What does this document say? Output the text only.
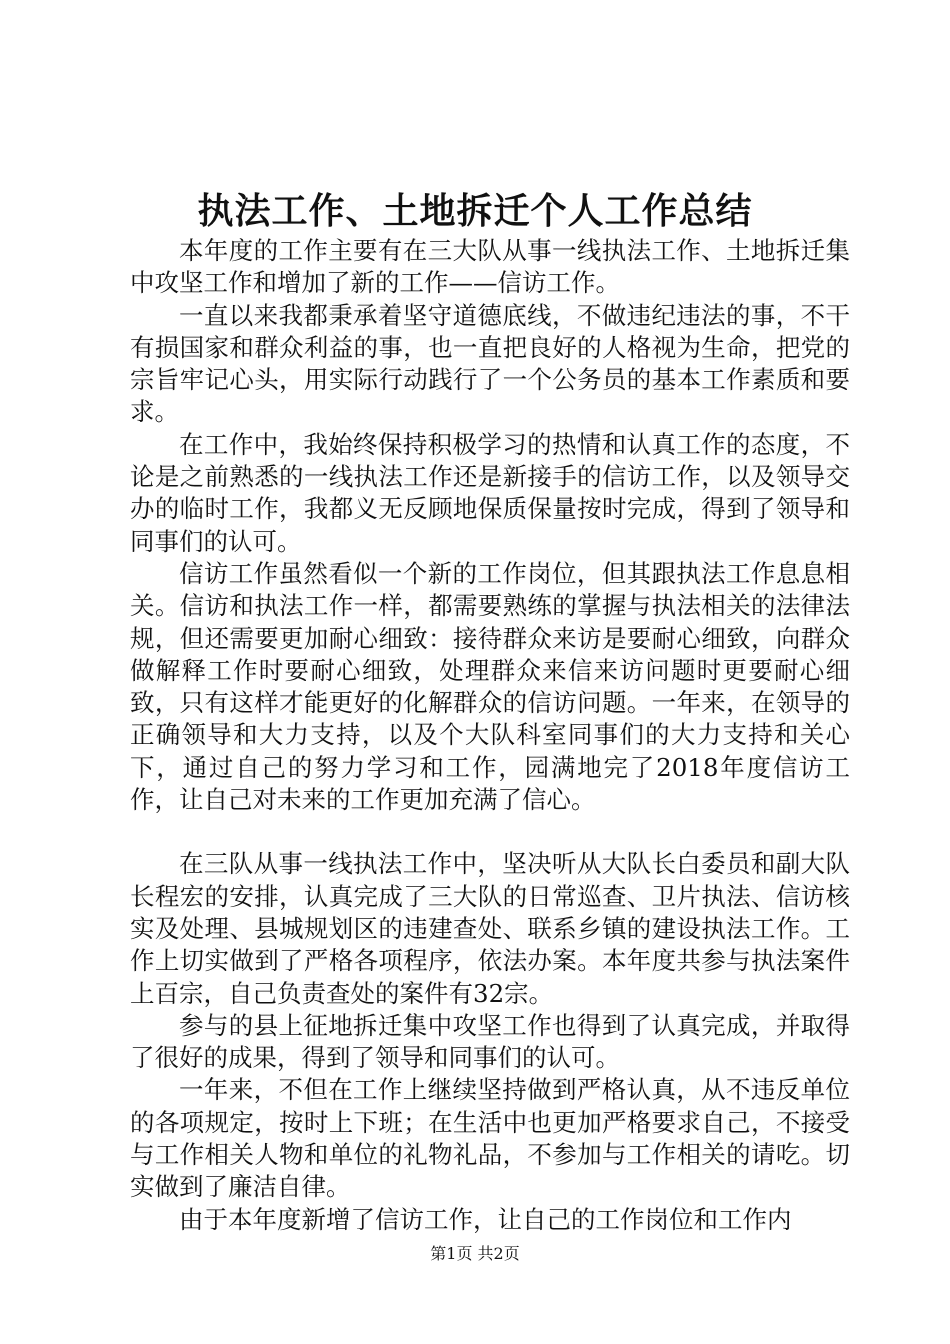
执法工作、土地拆迁个人工作总结

本年度的工作主要有在三大队从事一线执法工作、土地拆迁集中攻坚工作和增加了新的工作——信访工作。

一直以来我都秉承着坚守道德底线，不做违纪违法的事，不干有损国家和群众利益的事，也一直把良好的人格视为生命，把党的宗旨牢记心头，用实际行动践行了一个公务员的基本工作素质和要求。

在工作中，我始终保持积极学习的热情和认真工作的态度，不论是之前熟悉的一线执法工作还是新接手的信访工作，以及领导交办的临时工作，我都义无反顾地保质保量按时完成，得到了领导和同事们的认可。

信访工作虽然看似一个新的工作岗位，但其跟执法工作息息相关。信访和执法工作一样，都需要熟练的掌握与执法相关的法律法规，但还需要更加耐心细致：接待群众来访是要耐心细致，向群众做解释工作时要耐心细致，处理群众来信来访问题时更要耐心细致，只有这样才能更好的化解群众的信访问题。一年来，在领导的正确领导和大力支持，以及个大队科室同事们的大力支持和关心下，通过自己的努力学习和工作，园满地完了2018年度信访工作，让自己对未来的工作更加充满了信心。

在三队从事一线执法工作中，坚决听从大队长白委员和副大队长程宏的安排，认真完成了三大队的日常巡查、卫片执法、信访核实及处理、县城规划区的违建查处、联系乡镇的建设执法工作。工作上切实做到了严格各项程序，依法办案。本年度共参与执法案件上百宗，自己负责查处的案件有32宗。

参与的县上征地拆迁集中攻坚工作也得到了认真完成，并取得了很好的成果，得到了领导和同事们的认可。

一年来，不但在工作上继续坚持做到严格认真，从不违反单位的各项规定，按时上下班；在生活中也更加严格要求自己，不接受与工作相关人物和单位的礼物礼品，不参加与工作相关的请吃。切实做到了廉洁自律。

由于本年度新增了信访工作，让自己的工作岗位和工作内

第1页 共2页
